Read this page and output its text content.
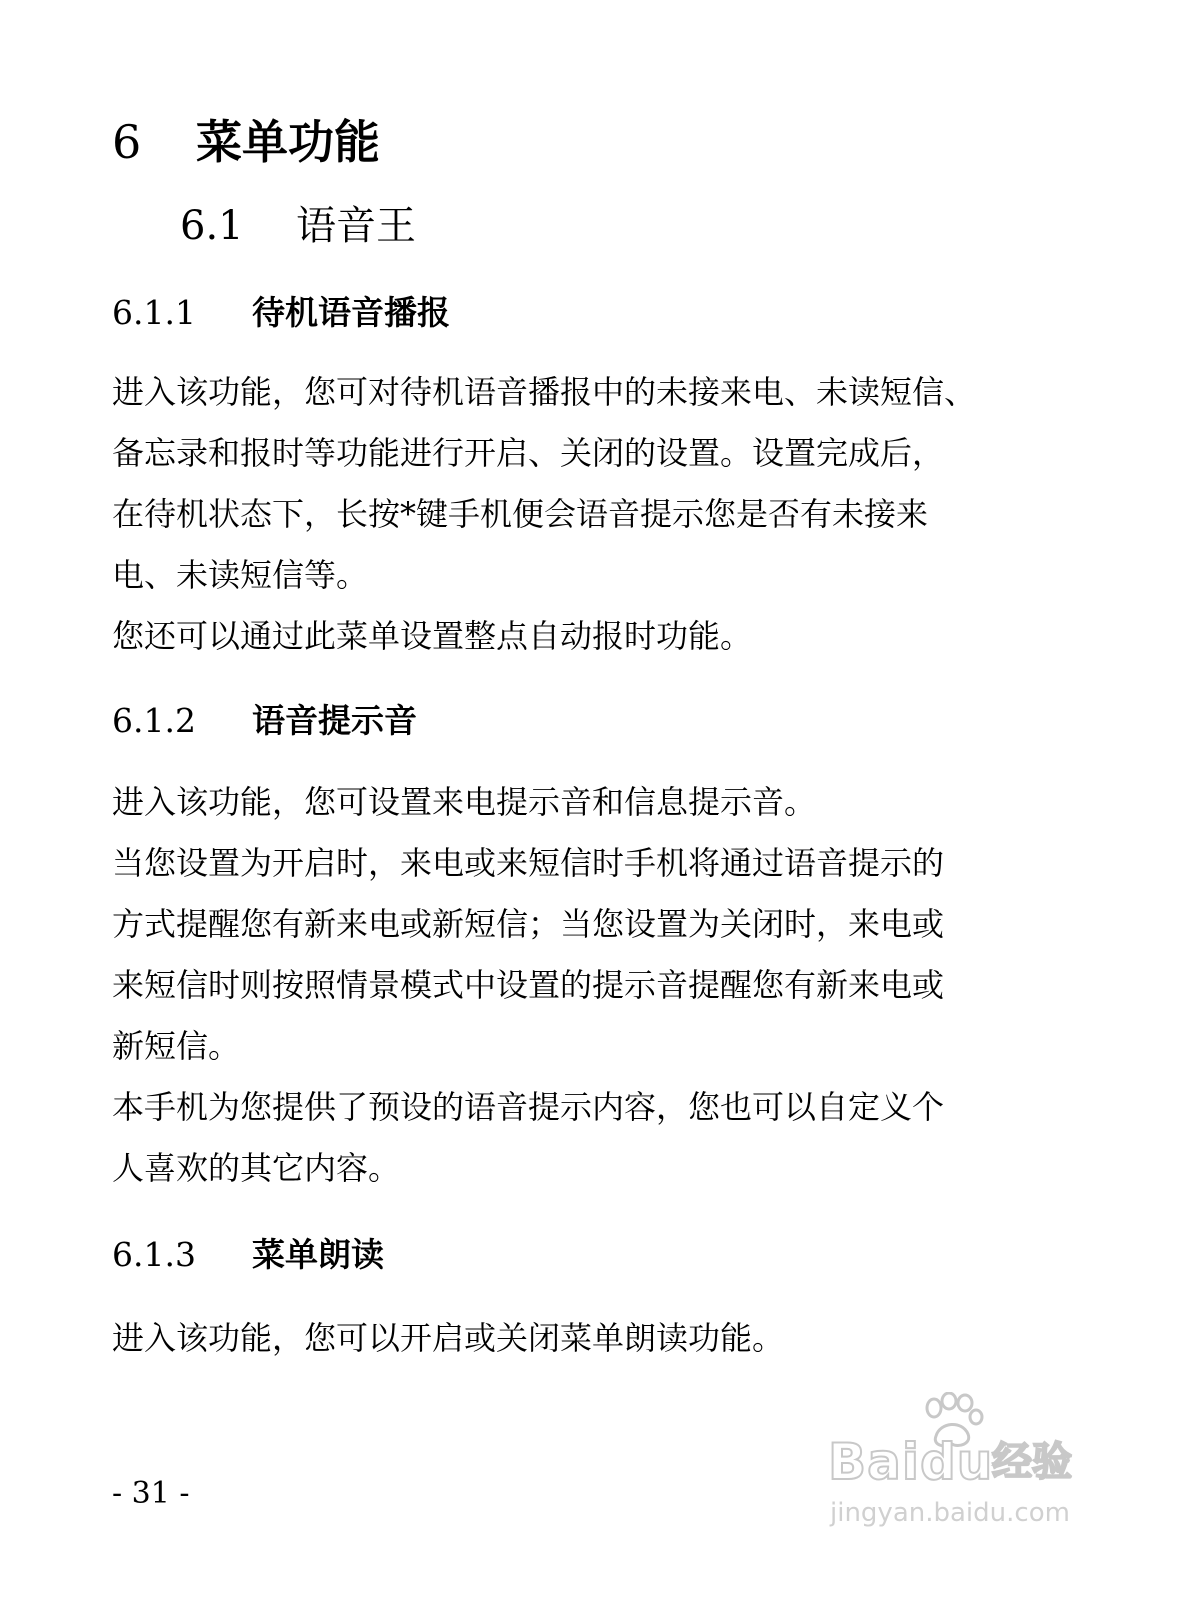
6 菜单功能
6.1 语音王
6.1.1 待机语音播报
进入该功能，您可对待机语音播报中的未接来电、未读短信、
备忘录和报时等功能进行开启、关闭的设置。设置完成后，
在待机状态下，长按*键手机便会语音提示您是否有未接来
电、未读短信等。
您还可以通过此菜单设置整点自动报时功能。
6.1.2 语音提示音
进入该功能，您可设置来电提示音和信息提示音。
当您设置为开启时，来电或来短信时手机将通过语音提示的
方式提醒您有新来电或新短信；当您设置为关闭时，来电或
来短信时则按照情景模式中设置的提示音提醒您有新来电或
新短信。
本手机为您提供了预设的语音提示内容，您也可以自定义个
人喜欢的其它内容。
6.1.3 菜单朗读
进入该功能，您可以开启或关闭菜单朗读功能。
- 31 -
Baidu
经验
jingyan.baidu.com
